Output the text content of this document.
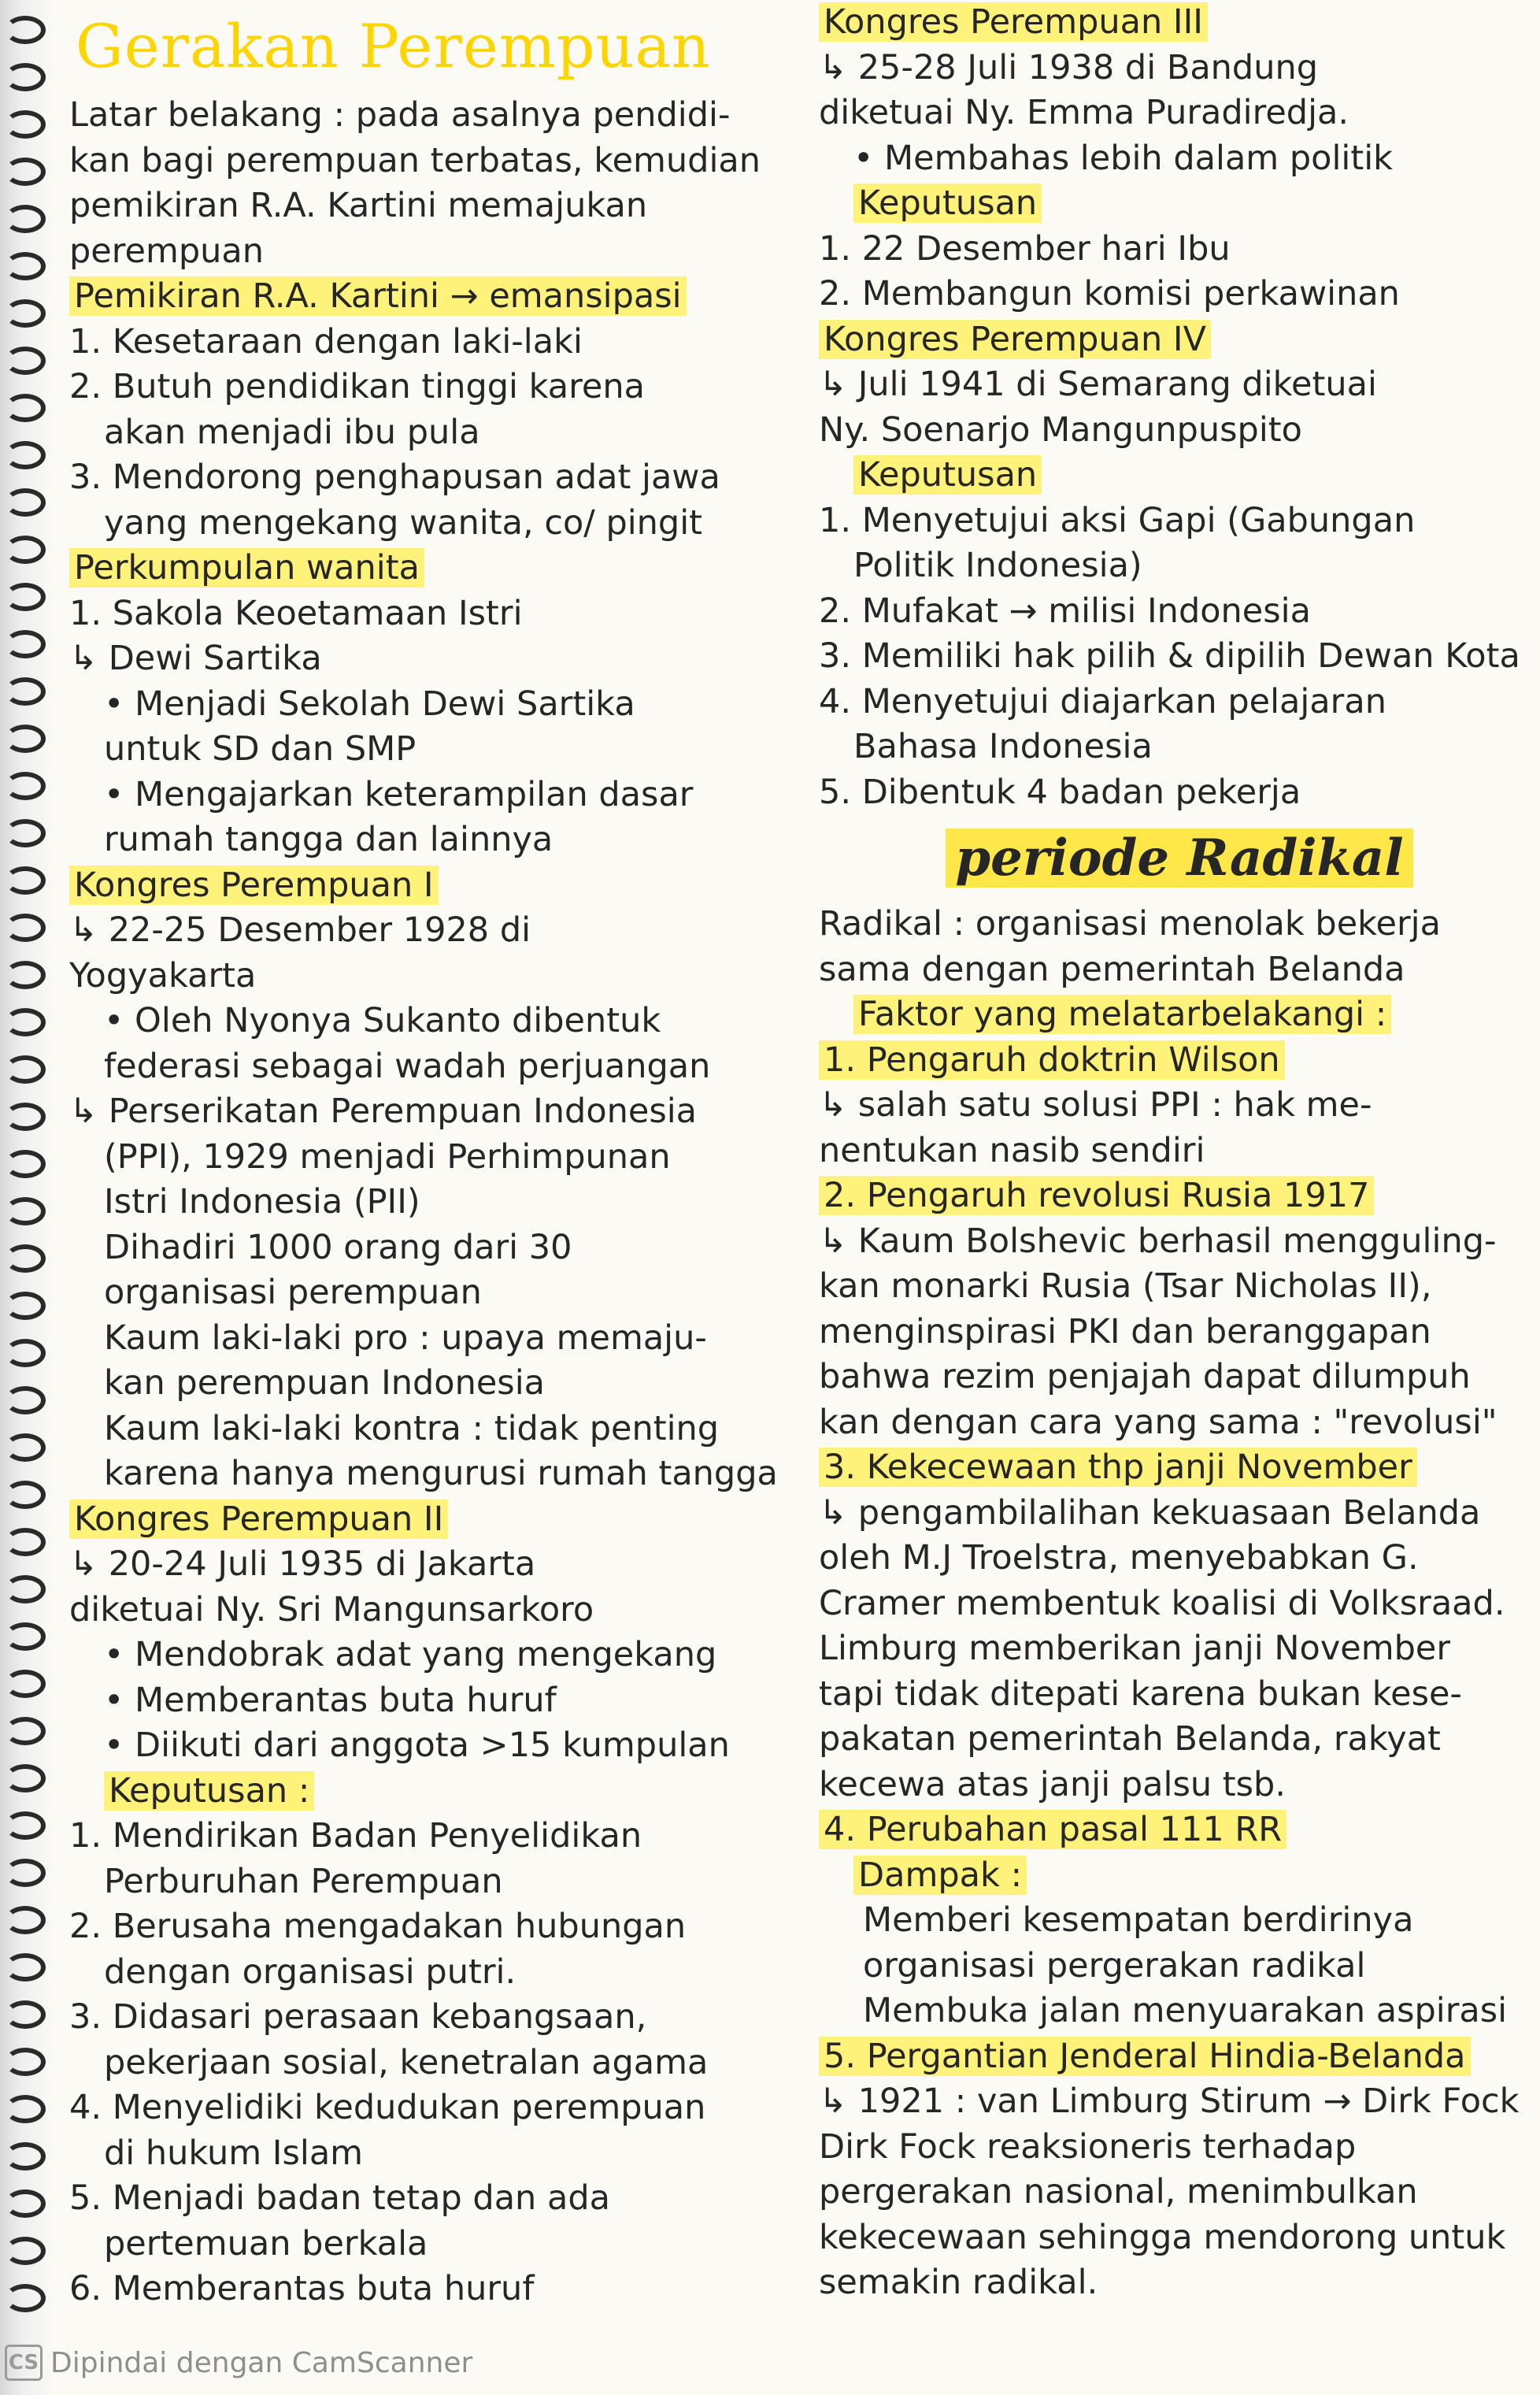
Gerakan Perempuan
Latar belakang : pada asalnya pendidi-
kan bagi perempuan terbatas, kemudian
pemikiran R.A. Kartini memajukan
perempuan
Pemikiran R.A. Kartini → emansipasi
1. Kesetaraan dengan laki-laki
2. Butuh pendidikan tinggi karena
akan menjadi ibu pula
3. Mendorong penghapusan adat jawa
yang mengekang wanita, co/ pingit
Perkumpulan wanita
1. Sakola Keoetamaan Istri
↳ Dewi Sartika
• Menjadi Sekolah Dewi Sartika
untuk SD dan SMP
• Mengajarkan keterampilan dasar
rumah tangga dan lainnya
Kongres Perempuan I
↳ 22-25 Desember 1928 di
Yogyakarta
• Oleh Nyonya Sukanto dibentuk
federasi sebagai wadah perjuangan
↳ Perserikatan Perempuan Indonesia
(PPI), 1929 menjadi Perhimpunan
Istri Indonesia (PII)
Dihadiri 1000 orang dari 30
organisasi perempuan
Kaum laki-laki pro : upaya memaju-
kan perempuan Indonesia
Kaum laki-laki kontra : tidak penting
karena hanya mengurusi rumah tangga
Kongres Perempuan II
↳ 20-24 Juli 1935 di Jakarta
diketuai Ny. Sri Mangunsarkoro
• Mendobrak adat yang mengekang
• Memberantas buta huruf
• Diikuti dari anggota >15 kumpulan
Keputusan :
1. Mendirikan Badan Penyelidikan
Perburuhan Perempuan
2. Berusaha mengadakan hubungan
dengan organisasi putri.
3. Didasari perasaan kebangsaan,
pekerjaan sosial, kenetralan agama
4. Menyelidiki kedudukan perempuan
di hukum Islam
5. Menjadi badan tetap dan ada
pertemuan berkala
6. Memberantas buta huruf
Kongres Perempuan III
↳ 25-28 Juli 1938 di Bandung
diketuai Ny. Emma Puradiredja.
• Membahas lebih dalam politik
Keputusan
1. 22 Desember hari Ibu
2. Membangun komisi perkawinan
Kongres Perempuan IV
↳ Juli 1941 di Semarang diketuai
Ny. Soenarjo Mangunpuspito
Keputusan
1. Menyetujui aksi Gapi (Gabungan
Politik Indonesia)
2. Mufakat → milisi Indonesia
3. Memiliki hak pilih & dipilih Dewan Kota
4. Menyetujui diajarkan pelajaran
Bahasa Indonesia
5. Dibentuk 4 badan pekerja
periode Radikal
Radikal : organisasi menolak bekerja
sama dengan pemerintah Belanda
Faktor yang melatarbelakangi :
1. Pengaruh doktrin Wilson
↳ salah satu solusi PPI : hak me-
nentukan nasib sendiri
2. Pengaruh revolusi Rusia 1917
↳ Kaum Bolshevic berhasil mengguling-
kan monarki Rusia (Tsar Nicholas II),
menginspirasi PKI dan beranggapan
bahwa rezim penjajah dapat dilumpuh
kan dengan cara yang sama : "revolusi"
3. Kekecewaan thp janji November
↳ pengambilalihan kekuasaan Belanda
oleh M.J Troelstra, menyebabkan G.
Cramer membentuk koalisi di Volksraad.
Limburg memberikan janji November
tapi tidak ditepati karena bukan kese-
pakatan pemerintah Belanda, rakyat
kecewa atas janji palsu tsb.
4. Perubahan pasal 111 RR
Dampak :
Memberi kesempatan berdirinya
organisasi pergerakan radikal
Membuka jalan menyuarakan aspirasi
5. Pergantian Jenderal Hindia-Belanda
↳ 1921 : van Limburg Stirum → Dirk Fock
Dirk Fock reaksioneris terhadap
pergerakan nasional, menimbulkan
kekecewaan sehingga mendorong untuk
semakin radikal.
CS Dipindai dengan CamScanner
